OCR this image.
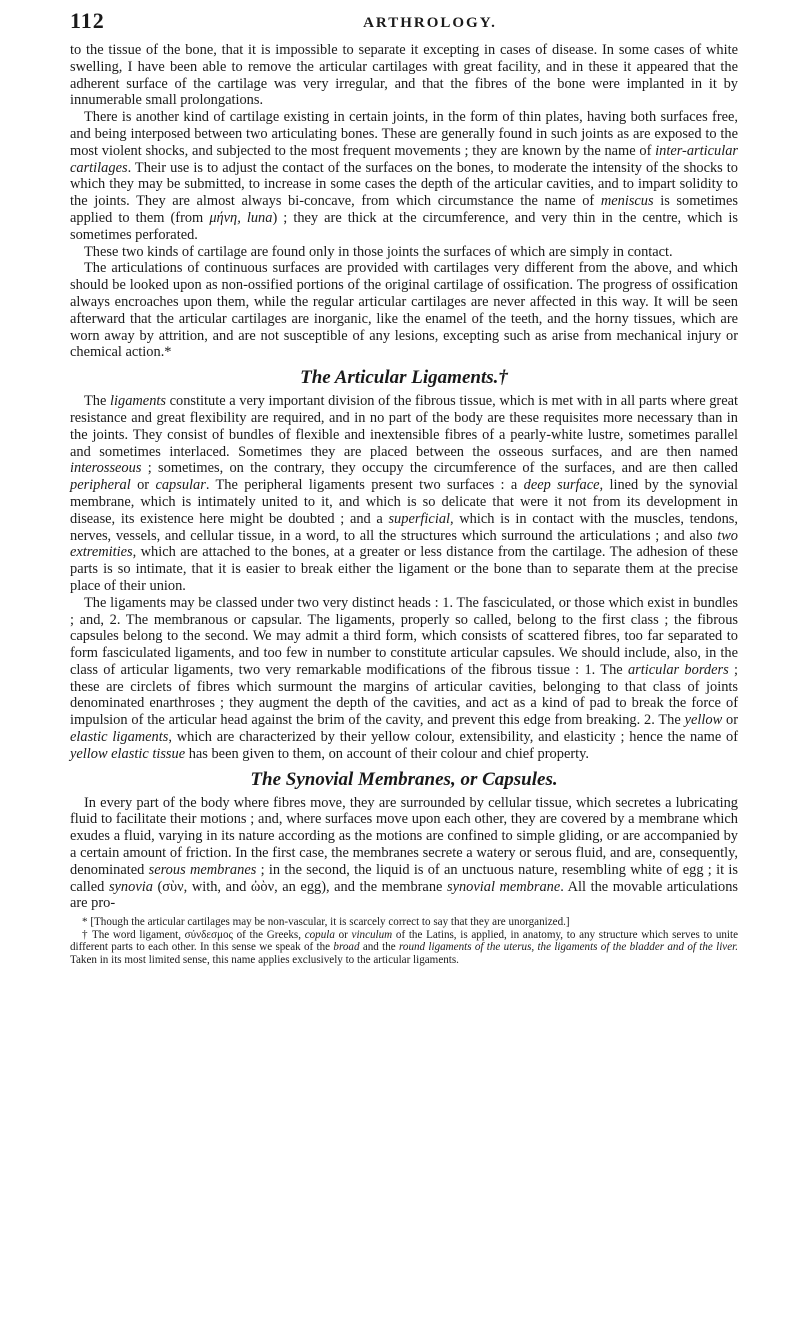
112	ARTHROLOGY.

to the tissue of the bone, that it is impossible to separate it excepting in cases of disease. In some cases of white swelling, I have been able to remove the articular cartilages with great facility, and in these it appeared that the adherent surface of the cartilage was very irregular, and that the fibres of the bone were implanted in it by innumerable small prolongations.

There is another kind of cartilage existing in certain joints, in the form of thin plates, having both surfaces free, and being interposed between two articulating bones. These are generally found in such joints as are exposed to the most violent shocks, and subjected to the most frequent movements ; they are known by the name of inter-articular cartilages. Their use is to adjust the contact of the surfaces on the bones, to moderate the intensity of the shocks to which they may be submitted, to increase in some cases the depth of the articular cavities, and to impart solidity to the joints. They are almost always bi-concave, from which circumstance the name of meniscus is sometimes applied to them (from μήνη, luna) ; they are thick at the circumference, and very thin in the centre, which is sometimes perforated.

These two kinds of cartilage are found only in those joints the surfaces of which are simply in contact.

The articulations of continuous surfaces are provided with cartilages very different from the above, and which should be looked upon as non-ossified portions of the original cartilage of ossification. The progress of ossification always encroaches upon them, while the regular articular cartilages are never affected in this way. It will be seen afterward that the articular cartilages are inorganic, like the enamel of the teeth, and the horny tissues, which are worn away by attrition, and are not susceptible of any lesions, excepting such as arise from mechanical injury or chemical action.*

The Articular Ligaments.†

The ligaments constitute a very important division of the fibrous tissue, which is met with in all parts where great resistance and great flexibility are required, and in no part of the body are these requisites more necessary than in the joints. They consist of bundles of flexible and inextensible fibres of a pearly-white lustre, sometimes parallel and sometimes interlaced. Sometimes they are placed between the osseous surfaces, and are then named interosseous ; sometimes, on the contrary, they occupy the circumference of the surfaces, and are then called peripheral or capsular. The peripheral ligaments present two surfaces : a deep surface, lined by the synovial membrane, which is intimately united to it, and which is so delicate that were it not from its development in disease, its existence here might be doubted ; and a superficial, which is in contact with the muscles, tendons, nerves, vessels, and cellular tissue, in a word, to all the structures which surround the articulations ; and also two extremities, which are attached to the bones, at a greater or less distance from the cartilage. The adhesion of these parts is so intimate, that it is easier to break either the ligament or the bone than to separate them at the precise place of their union.

The ligaments may be classed under two very distinct heads : 1. The fasciculated, or those which exist in bundles ; and, 2. The membranous or capsular. The ligaments, properly so called, belong to the first class ; the fibrous capsules belong to the second. We may admit a third form, which consists of scattered fibres, too far separated to form fasciculated ligaments, and too few in number to constitute articular capsules. We should include, also, in the class of articular ligaments, two very remarkable modifications of the fibrous tissue : 1. The articular borders ; these are circlets of fibres which surmount the margins of articular cavities, belonging to that class of joints denominated enarthroses ; they augment the depth of the cavities, and act as a kind of pad to break the force of impulsion of the articular head against the brim of the cavity, and prevent this edge from breaking. 2. The yellow or elastic ligaments, which are characterized by their yellow colour, extensibility, and elasticity ; hence the name of yellow elastic tissue has been given to them, on account of their colour and chief property.

The Synovial Membranes, or Capsules.

In every part of the body where fibres move, they are surrounded by cellular tissue, which secretes a lubricating fluid to facilitate their motions ; and, where surfaces move upon each other, they are covered by a membrane which exudes a fluid, varying in its nature according as the motions are confined to simple gliding, or are accompanied by a certain amount of friction. In the first case, the membranes secrete a watery or serous fluid, and are, consequently, denominated serous membranes ; in the second, the liquid is of an unctuous nature, resembling white of egg ; it is called synovia (σὺν, with, and ὠὸν, an egg), and the membrane synovial membrane. All the movable articulations are pro-

* [Though the articular cartilages may be non-vascular, it is scarcely correct to say that they are unorganized.]

† The word ligament, σύνδεσμος of the Greeks, copula or vinculum of the Latins, is applied, in anatomy, to any structure which serves to unite different parts to each other. In this sense we speak of the broad and the round ligaments of the uterus, the ligaments of the bladder and of the liver. Taken in its most limited sense, this name applies exclusively to the articular ligaments.
